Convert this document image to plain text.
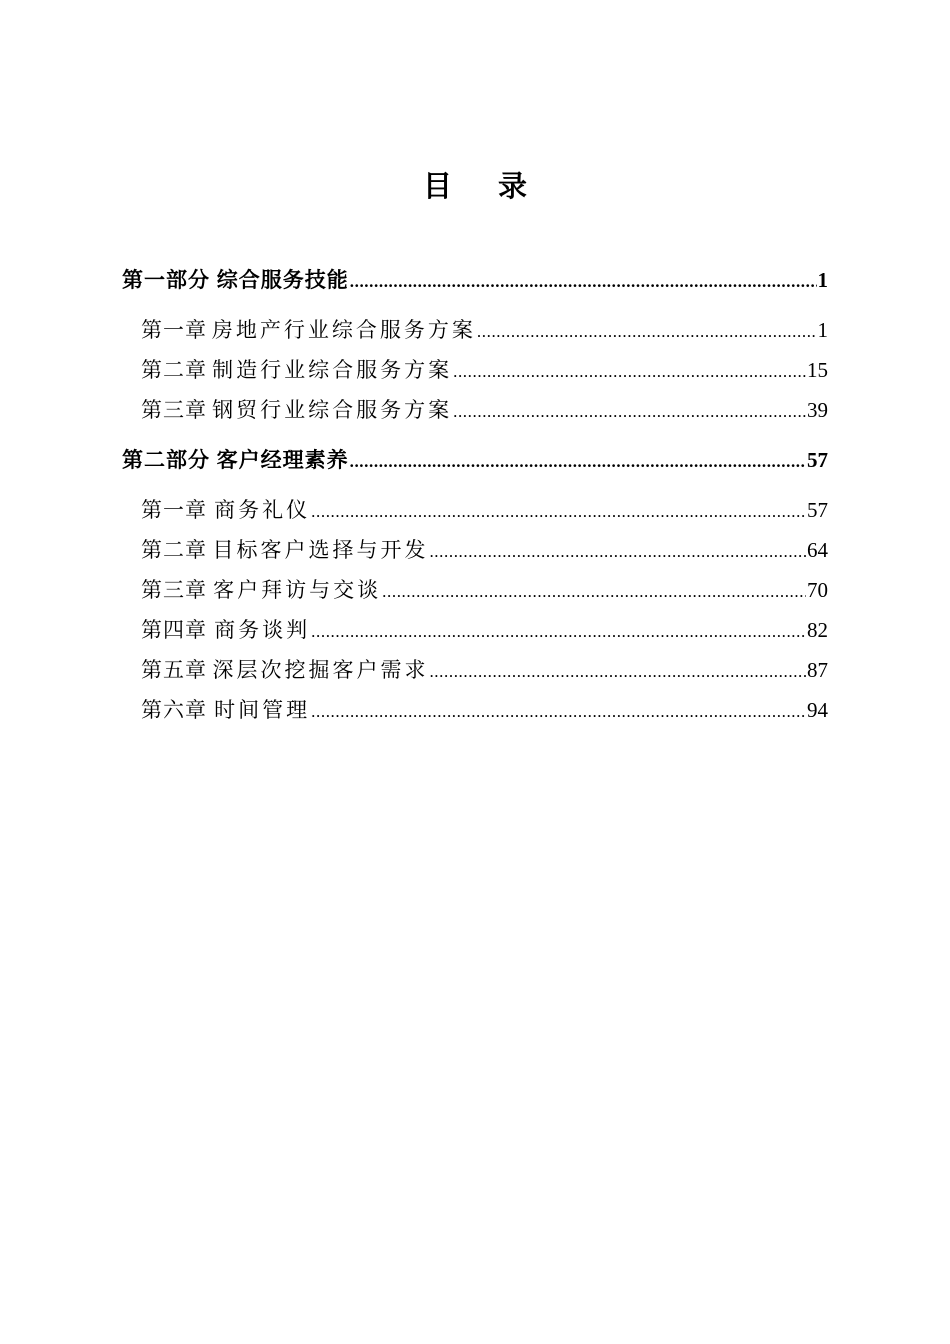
目 录
第一部分 综合服务技能 .....	1
第一章 房地产行业综合服务方案 .....	1
第二章 制造行业综合服务方案 .....	15
第三章 钢贸行业综合服务方案 .....	39
第二部分 客户经理素养 .....	57
第一章 商务礼仪 .....	57
第二章 目标客户选择与开发 .....	64
第三章 客户拜访与交谈 .....	70
第四章 商务谈判 .....	82
第五章 深层次挖掘客户需求 .....	87
第六章 时间管理 .....	94
